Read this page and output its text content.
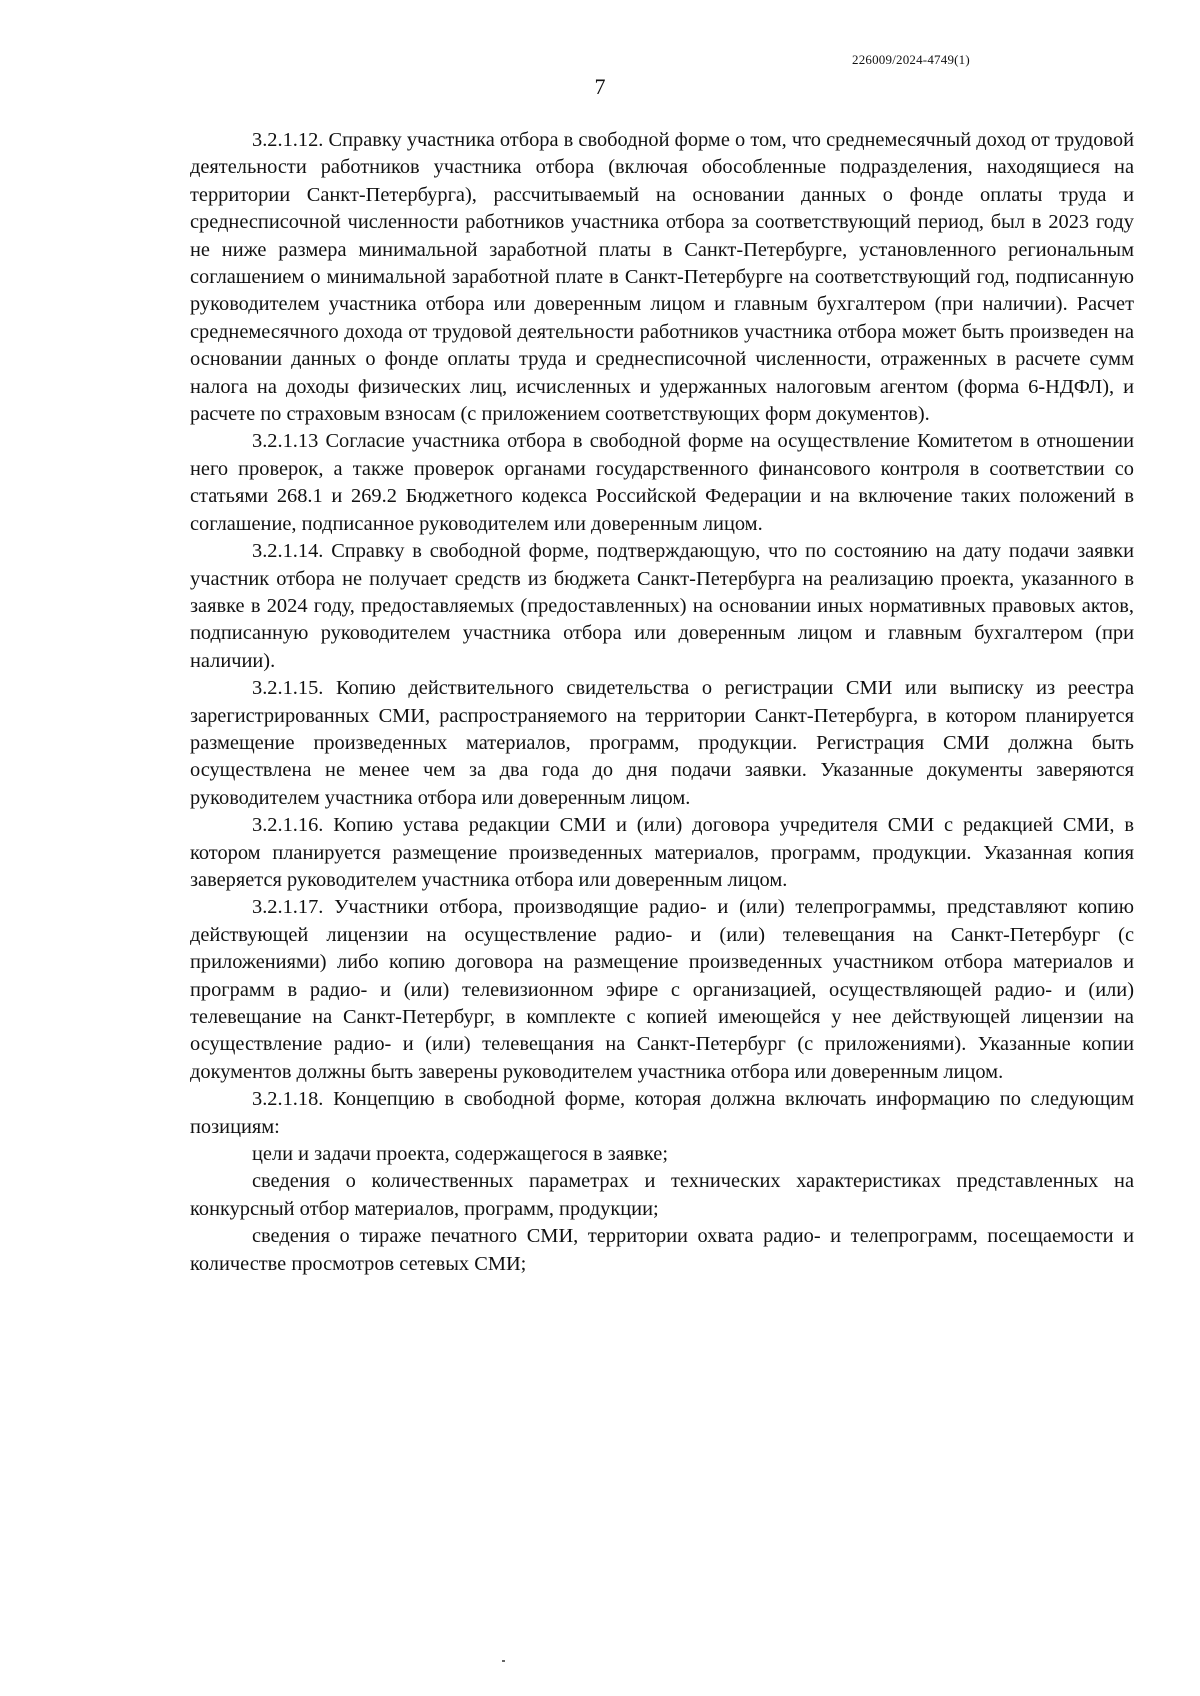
226009/2024-4749(1)
7

3.2.1.12. Справку участника отбора в свободной форме о том, что среднемесячный доход от трудовой деятельности работников участника отбора (включая обособленные подразделения, находящиеся на территории Санкт-Петербурга), рассчитываемый на основании данных о фонде оплаты труда и среднесписочной численности работников участника отбора за соответствующий период, был в 2023 году не ниже размера минимальной заработной платы в Санкт-Петербурге, установленного региональным соглашением о минимальной заработной плате в Санкт-Петербурге на соответствующий год, подписанную руководителем участника отбора или доверенным лицом и главным бухгалтером (при наличии). Расчет среднемесячного дохода от трудовой деятельности работников участника отбора может быть произведен на основании данных о фонде оплаты труда и среднесписочной численности, отраженных в расчете сумм налога на доходы физических лиц, исчисленных и удержанных налоговым агентом (форма 6-НДФЛ), и расчете по страховым взносам (с приложением соответствующих форм документов).

3.2.1.13 Согласие участника отбора в свободной форме на осуществление Комитетом в отношении него проверок, а также проверок органами государственного финансового контроля в соответствии со статьями 268.1 и 269.2 Бюджетного кодекса Российской Федерации и на включение таких положений в соглашение, подписанное руководителем или доверенным лицом.

3.2.1.14. Справку в свободной форме, подтверждающую, что по состоянию на дату подачи заявки участник отбора не получает средств из бюджета Санкт-Петербурга на реализацию проекта, указанного в заявке в 2024 году, предоставляемых (предоставленных) на основании иных нормативных правовых актов, подписанную руководителем участника отбора или доверенным лицом и главным бухгалтером (при наличии).

3.2.1.15. Копию действительного свидетельства о регистрации СМИ или выписку из реестра зарегистрированных СМИ, распространяемого на территории Санкт-Петербурга, в котором планируется размещение произведенных материалов, программ, продукции. Регистрация СМИ должна быть осуществлена не менее чем за два года до дня подачи заявки. Указанные документы заверяются руководителем участника отбора или доверенным лицом.

3.2.1.16. Копию устава редакции СМИ и (или) договора учредителя СМИ с редакцией СМИ, в котором планируется размещение произведенных материалов, программ, продукции. Указанная копия заверяется руководителем участника отбора или доверенным лицом.

3.2.1.17. Участники отбора, производящие радио- и (или) телепрограммы, представляют копию действующей лицензии на осуществление радио- и (или) телевещания на Санкт-Петербург (с приложениями) либо копию договора на размещение произведенных участником отбора материалов и программ в радио- и (или) телевизионном эфире с организацией, осуществляющей радио- и (или) телевещание на Санкт-Петербург, в комплекте с копией имеющейся у нее действующей лицензии на осуществление радио- и (или) телевещания на Санкт-Петербург (с приложениями). Указанные копии документов должны быть заверены руководителем участника отбора или доверенным лицом.

3.2.1.18. Концепцию в свободной форме, которая должна включать информацию по следующим позициям:

цели и задачи проекта, содержащегося в заявке;

сведения о количественных параметрах и технических характеристиках представленных на конкурсный отбор материалов, программ, продукции;

сведения о тираже печатного СМИ, территории охвата радио- и телепрограмм, посещаемости и количестве просмотров сетевых СМИ;
